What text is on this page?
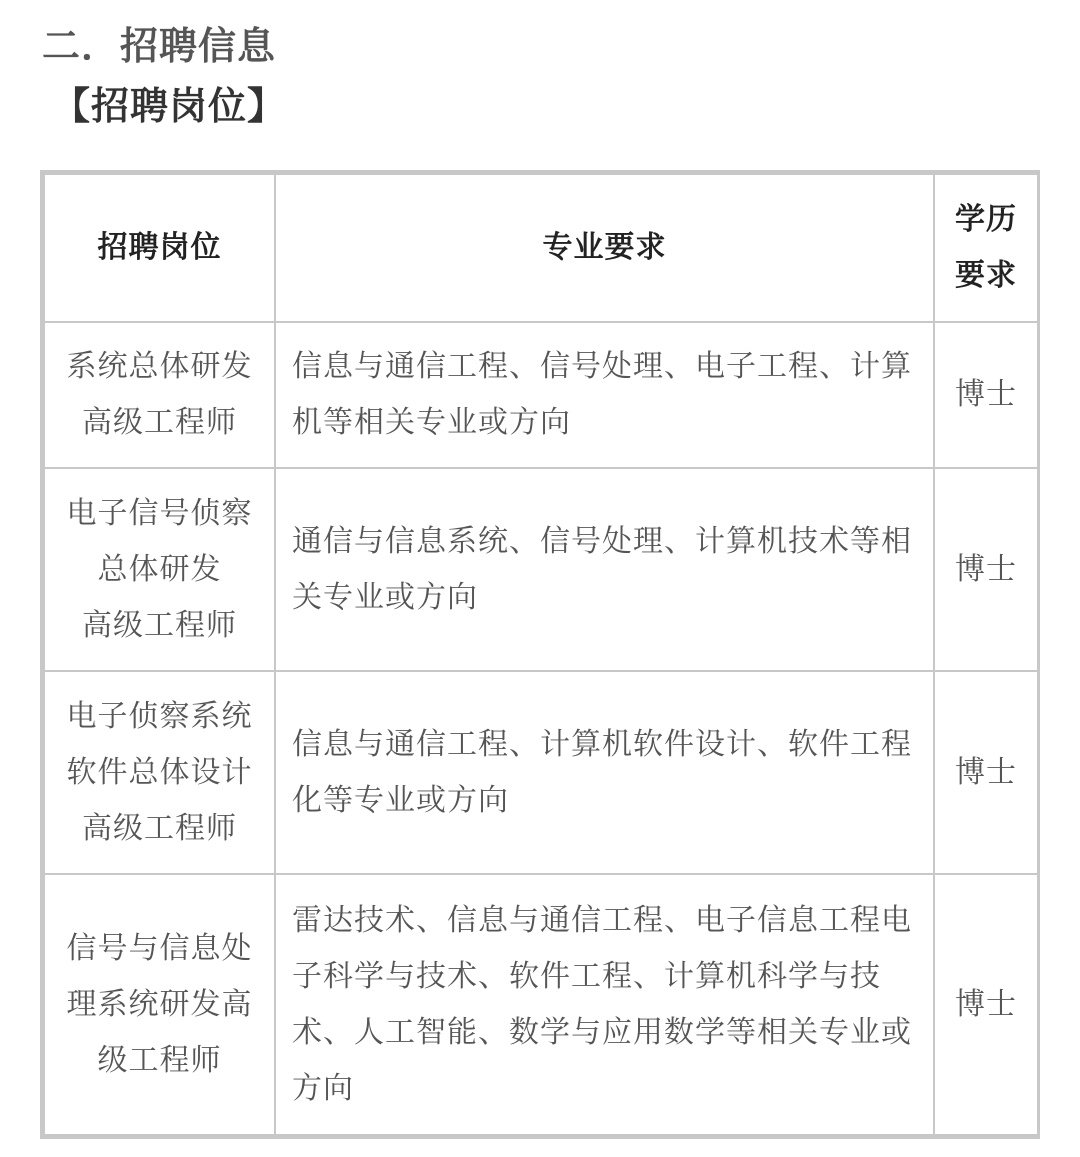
二．招聘信息
【招聘岗位】
招聘岗位	专业要求	学历
要求

系统总体研发
高级工程师	信息与通信工程、信号处理、电子工程、计算机等相关专业或方向	博士

电子信号侦察
总体研发
高级工程师	通信与信息系统、信号处理、计算机技术等相关专业或方向	博士

电子侦察系统
软件总体设计
高级工程师	信息与通信工程、计算机软件设计、软件工程化等专业或方向	博士

信号与信息处
理系统研发高
级工程师	雷达技术、信息与通信工程、电子信息工程电子科学与技术、软件工程、计算机科学与技术、人工智能、数学与应用数学等相关专业或方向	博士
